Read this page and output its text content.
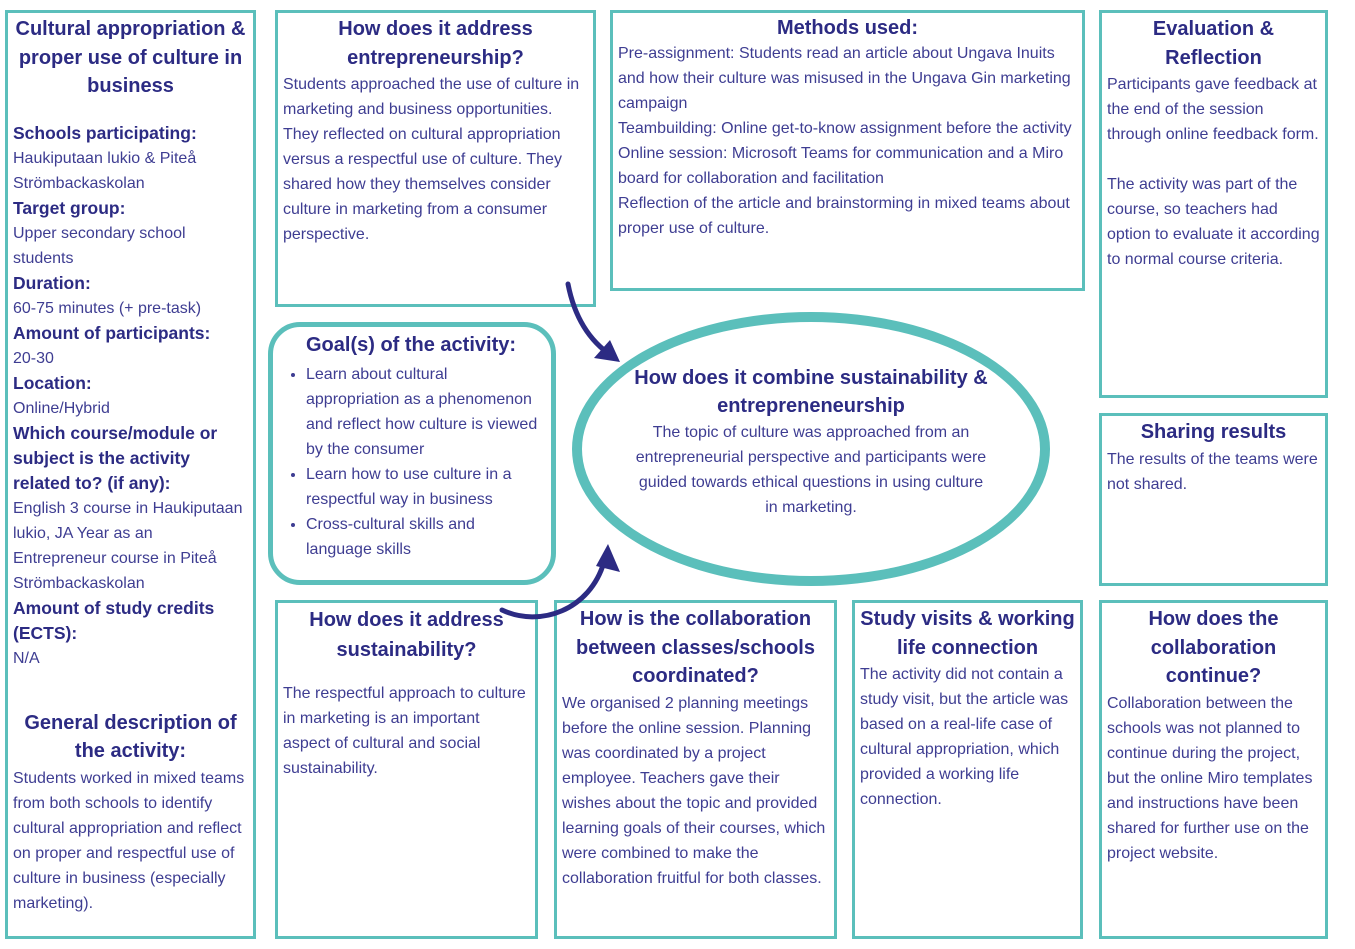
Cultural appropriation & proper use of culture in business

Schools participating:

Haukiputaan lukio & Piteå Strömbackaskolan

Target group:

Upper secondary school students

Duration:

60-75 minutes (+ pre-task)

Amount of participants:

20-30

Location:

Online/Hybrid

Which course/module or subject is the activity related to? (if any):

English 3 course in Haukiputaan lukio, JA Year as an Entrepreneur course in Piteå Strömbackaskolan

Amount of study credits (ECTS):

N/A

General description of the activity:

Students worked in mixed teams from both schools to identify cultural appropriation and reflect on proper and respectful use of culture in business (especially marketing).

How does it address entrepreneurship?

Students approached the use of culture in marketing and business opportunities. They reflected on cultural appropriation versus a respectful use of culture. They shared how they themselves consider culture in marketing from a consumer perspective.

Methods used:

Pre-assignment: Students read an article about Ungava Inuits and how their culture was misused in the Ungava Gin marketing campaign

Teambuilding: Online get-to-know assignment before the activity

Online session: Microsoft Teams for communication and a Miro board for collaboration and facilitation

Reflection of the article and brainstorming in mixed teams about proper use of culture.

Evaluation & Reflection

Participants gave feedback at the end of the session through online feedback form.

The activity was part of the course, so teachers had option to evaluate it according to normal course criteria.

Goal(s) of the activity:

• Learn about cultural appropriation as a phenomenon and reflect how culture is viewed by the consumer
• Learn how to use culture in a respectful way in business
• Cross-cultural skills and language skills

How does it combine sustainability & entrepreneneurship

The topic of culture was approached from an entrepreneurial perspective and participants were guided towards ethical questions in using culture in marketing.

Sharing results

The results of the teams were not shared.

How does it address sustainability?

The respectful approach to culture in marketing is an important aspect of cultural and social sustainability.

How is the collaboration between classes/schools coordinated?

We organised 2 planning meetings before the online session. Planning was coordinated by a project employee. Teachers gave their wishes about the topic and provided learning goals of their courses, which were combined to make the collaboration fruitful for both classes.

Study visits & working life connection

The activity did not contain a study visit, but the article was based on a real-life case of cultural appropriation, which provided a working life connection.

How does the collaboration continue?

Collaboration between the schools was not planned to continue during the project, but the online Miro templates and instructions have been shared for further use on the project website.
